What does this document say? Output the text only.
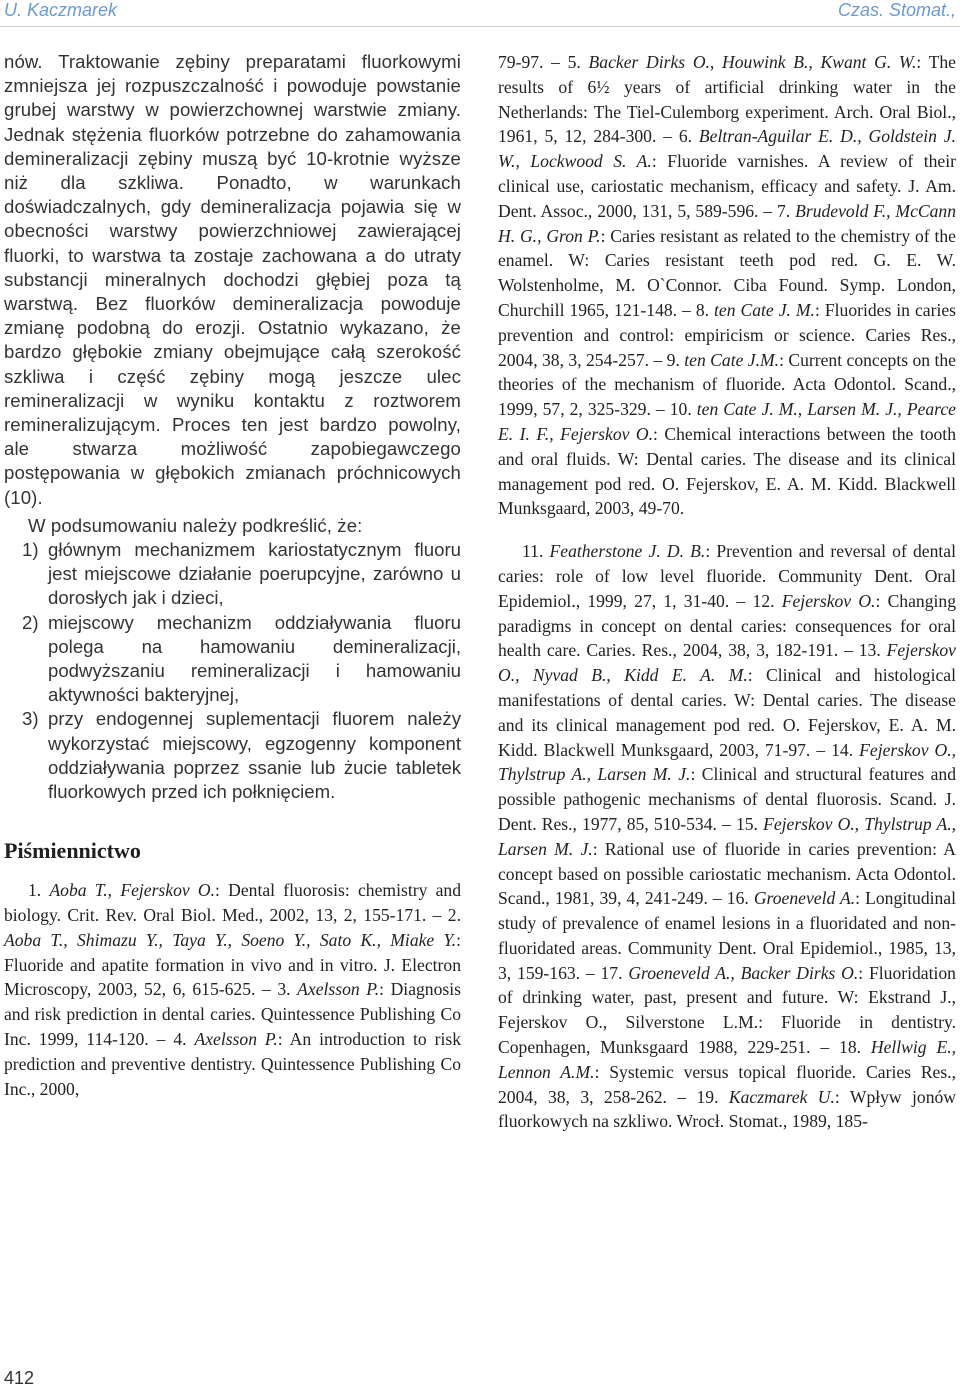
U. Kaczmarek	Czas. Stomat.,

nów. Traktowanie zębiny preparatami fluorkowymi zmniejsza jej rozpuszczalność i powoduje powstanie grubej warstwy w powierzchownej warstwie zmiany. Jednak stężenia fluorków potrzebne do zahamowania demineralizacji zębiny muszą być 10-krotnie wyższe niż dla szkliwa. Ponadto, w warunkach doświadczalnych, gdy demineralizacja pojawia się w obecności warstwy powierzchniowej zawierającej fluorki, to warstwa ta zostaje zachowana a do utraty substancji mineralnych dochodzi głębiej poza tą warstwą. Bez fluorków demineralizacja powoduje zmianę podobną do erozji. Ostatnio wykazano, że bardzo głębokie zmiany obejmujące całą szerokość szkliwa i część zębiny mogą jeszcze ulec remineralizacji w wyniku kontaktu z roztworem remineralizującym. Proces ten jest bardzo powolny, ale stwarza możliwość zapobiegawczego postępowania w głębokich zmianach próchnicowych (10).

W podsumowaniu należy podkreślić, że:

1) głównym mechanizmem kariostatycznym fluoru jest miejscowe działanie poerupcyjne, zarówno u dorosłych jak i dzieci,
2) miejscowy mechanizm oddziaływania fluoru polega na hamowaniu demineralizacji, podwyższaniu remineralizacji i hamowaniu aktywności bakteryjnej,
3) przy endogennej suplementacji fluorem należy wykorzystać miejscowy, egzogenny komponent oddziaływania poprzez ssanie lub żucie tabletek fluorkowych przed ich połknięciem.
Piśmiennictwo

1. Aoba T., Fejerskov O.: Dental fluorosis: chemistry and biology. Crit. Rev. Oral Biol. Med., 2002, 13, 2, 155-171. – 2. Aoba T., Shimazu Y., Taya Y., Soeno Y., Sato K., Miake Y.: Fluoride and apatite formation in vivo and in vitro. J. Electron Microscopy, 2003, 52, 6, 615-625. – 3. Axelsson P.: Diagnosis and risk prediction in dental caries. Quintessence Publishing Co Inc. 1999, 114-120. – 4. Axelsson P.: An introduction to risk prediction and preventive dentistry. Quintessence Publishing Co Inc., 2000,

79-97. – 5. Backer Dirks O., Houwink B., Kwant G. W.: The results of 6½ years of artificial drinking water in the Netherlands: The Tiel-Culemborg experiment. Arch. Oral Biol., 1961, 5, 12, 284-300. – 6. Beltran-Aguilar E. D., Goldstein J. W., Lockwood S. A.: Fluoride varnishes. A review of their clinical use, cariostatic mechanism, efficacy and safety. J. Am. Dent. Assoc., 2000, 131, 5, 589-596. – 7. Brudevold F., McCann H. G., Gron P.: Caries resistant as related to the chemistry of the enamel. W: Caries resistant teeth pod red. G. E. W. Wolstenholme, M. O`Connor. Ciba Found. Symp. London, Churchill 1965, 121-148. – 8. ten Cate J. M.: Fluorides in caries prevention and control: empiricism or science. Caries Res., 2004, 38, 3, 254-257. – 9. ten Cate J.M.: Current concepts on the theories of the mechanism of fluoride. Acta Odontol. Scand., 1999, 57, 2, 325-329. – 10. ten Cate J. M., Larsen M. J., Pearce E. I. F., Fejerskov O.: Chemical interactions between the tooth and oral fluids. W: Dental caries. The disease and its clinical management pod red. O. Fejerskov, E. A. M. Kidd. Blackwell Munksgaard, 2003, 49-70.

11. Featherstone J. D. B.: Prevention and reversal of dental caries: role of low level fluoride. Community Dent. Oral Epidemiol., 1999, 27, 1, 31-40. – 12. Fejerskov O.: Changing paradigms in concept on dental caries: consequences for oral health care. Caries. Res., 2004, 38, 3, 182-191. – 13. Fejerskov O., Nyvad B., Kidd E. A. M.: Clinical and histological manifestations of dental caries. W: Dental caries. The disease and its clinical management pod red. O. Fejerskov, E. A. M. Kidd. Blackwell Munksgaard, 2003, 71-97. – 14. Fejerskov O., Thylstrup A., Larsen M. J.: Clinical and structural features and possible pathogenic mechanisms of dental fluorosis. Scand. J. Dent. Res., 1977, 85, 510-534. – 15. Fejerskov O., Thylstrup A., Larsen M. J.: Rational use of fluoride in caries prevention: A concept based on possible cariostatic mechanism. Acta Odontol. Scand., 1981, 39, 4, 241-249. – 16. Groeneveld A.: Longitudinal study of prevalence of enamel lesions in a fluoridated and non-fluoridated areas. Community Dent. Oral Epidemiol., 1985, 13, 3, 159-163. – 17. Groeneveld A., Backer Dirks O.: Fluoridation of drinking water, past, present and future. W: Ekstrand J., Fejerskov O., Silverstone L.M.: Fluoride in dentistry. Copenhagen, Munksgaard 1988, 229-251. – 18. Hellwig E., Lennon A.M.: Systemic versus topical fluoride. Caries Res., 2004, 38, 3, 258-262. – 19. Kaczmarek U.: Wpływ jonów fluorkowych na szkliwo. Wrocł. Stomat., 1989, 185-

412
